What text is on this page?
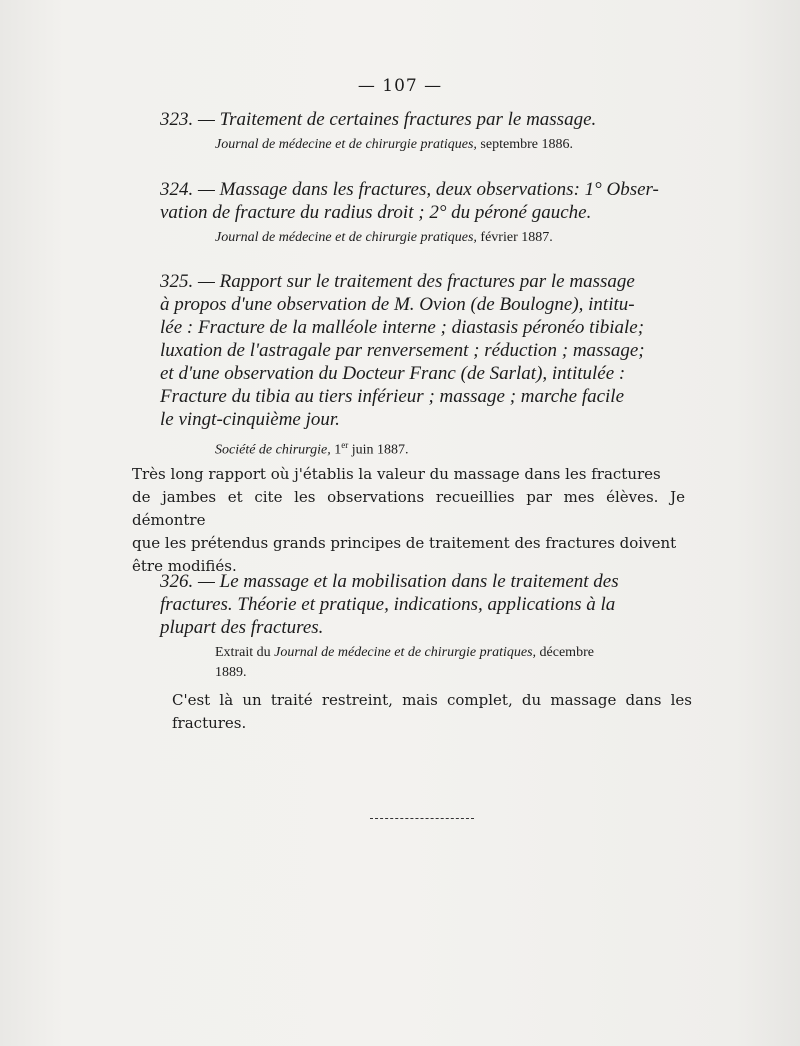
— 107 —

323. — Traitement de certaines fractures par le massage.

Journal de médecine et de chirurgie pratiques, septembre 1886.

324. — Massage dans les fractures, deux observations: 1° Obser-
vation de fracture du radius droit ; 2° du péroné gauche.

Journal de médecine et de chirurgie pratiques, février 1887.

325. — Rapport sur le traitement des fractures par le massage
à propos d'une observation de M. Ovion (de Boulogne), intitu-
lée : Fracture de la malléole interne ; diastasis péronéo tibiale;
luxation de l'astragale par renversement ; réduction ; massage;
et d'une observation du Docteur Franc (de Sarlat), intitulée :
Fracture du tibia au tiers inférieur ; massage ; marche facile
le vingt-cinquième jour.

Société de chirurgie, 1er juin 1887.

Très long rapport où j'établis la valeur du massage dans les fractures
de jambes et cite les observations recueillies par mes élèves. Je démontre
que les prétendus grands principes de traitement des fractures doivent
être modifiés.

326. — Le massage et la mobilisation dans le traitement des
fractures. Théorie et pratique, indications, applications à la
plupart des fractures.

Extrait du Journal de médecine et de chirurgie pratiques, décembre
1889.

C'est là un traité restreint, mais complet, du massage dans les fractures.
